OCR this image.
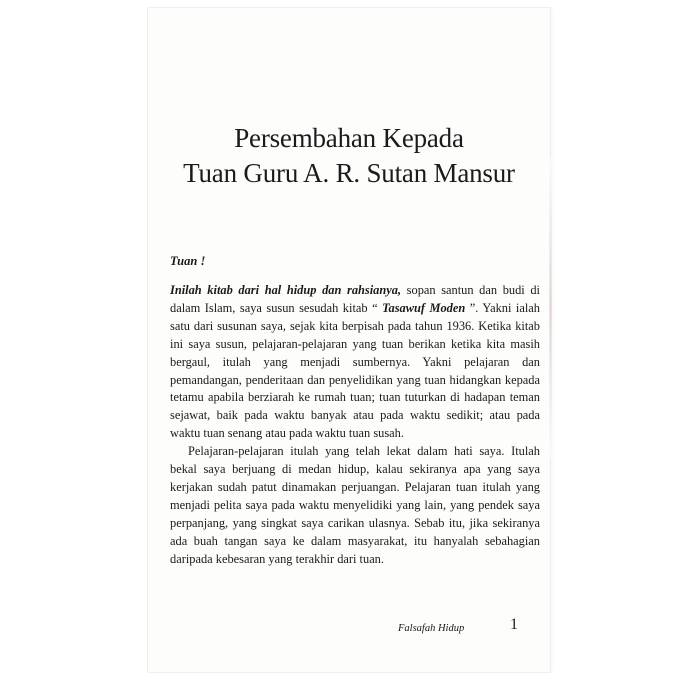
Persembahan Kepada
Tuan Guru A. R. Sutan Mansur
Tuan !

Inilah kitab dari hal hidup dan rahsianya, sopan santun dan budi di dalam Islam, saya susun sesudah kitab “ Tasawuf Moden ”. Yakni ialah satu dari susunan saya, sejak kita berpisah pada tahun 1936. Ketika kitab ini saya susun, pelajaran-pelajaran yang tuan berikan ketika kita masih bergaul, itulah yang menjadi sumbernya. Yakni pelajaran dan pemandangan, penderitaan dan penyelidikan yang tuan hidangkan kepada tetamu apabila berziarah ke rumah tuan; tuan tuturkan di hadapan teman sejawat, baik pada waktu banyak atau pada waktu sedikit; atau pada waktu tuan senang atau pada waktu tuan susah.

Pelajaran-pelajaran itulah yang telah lekat dalam hati saya. Itulah bekal saya berjuang di medan hidup, kalau sekiranya apa yang saya kerjakan sudah patut dinamakan perjuangan. Pelajaran tuan itulah yang menjadi pelita saya pada waktu menyelidiki yang lain, yang pendek saya perpanjang, yang singkat saya carikan ulasnya. Sebab itu, jika sekiranya ada buah tangan saya ke dalam masyarakat, itu hanyalah sebahagian daripada kebesaran yang terakhir dari tuan.

Falsafah Hidup	1
